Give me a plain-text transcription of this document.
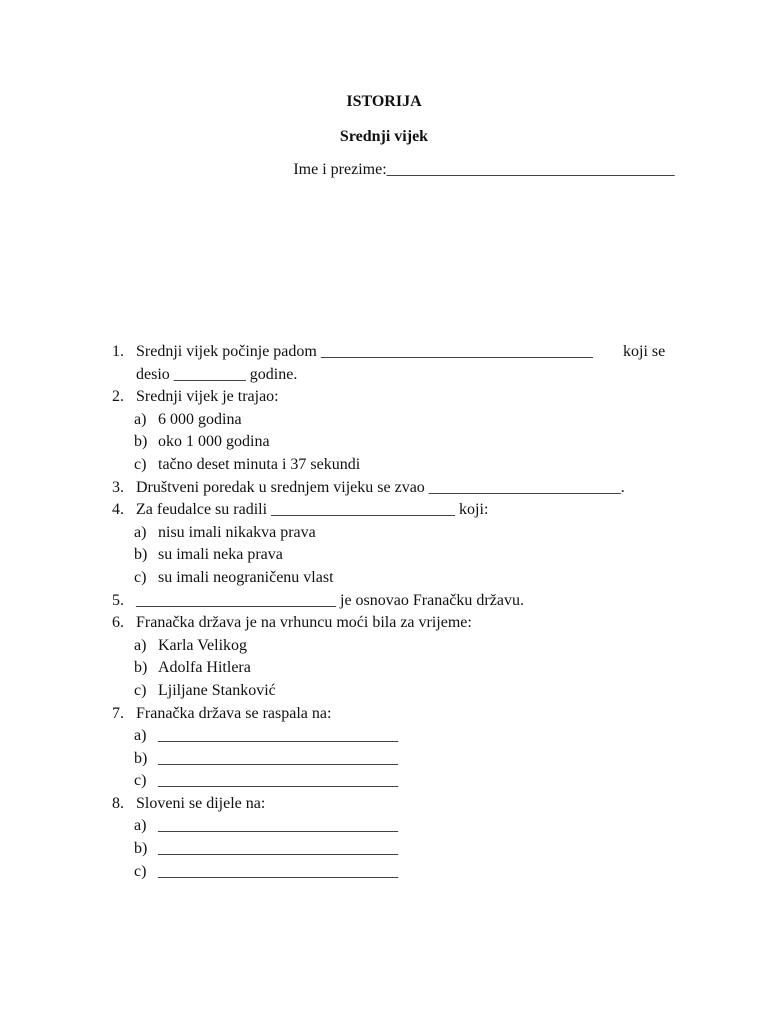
ISTORIJA
Srednji vijek
Ime i prezime:____________________________________
1. Srednji vijek počinje padom __________________________________ koji se
desio _________ godine.
2. Srednji vijek je trajao:
a) 6 000 godina
b) oko 1 000 godina
c) tačno deset minuta i 37 sekundi
3. Društveni poredak u srednjem vijeku se zvao ________________________.
4. Za feudalce su radili _______________________ koji:
a) nisu imali nikakva prava
b) su imali neka prava
c) su imali neograničenu vlast
5. _________________________ je osnovao Franačku državu.
6. Franačka država je na vrhuncu moći bila za vrijeme:
a) Karla Velikog
b) Adolfa Hitlera
c) Ljiljane Stanković
7. Franačka država se raspala na:
a) ______________________________
b) ______________________________
c) ______________________________
8. Sloveni se dijele na:
a) ______________________________
b) ______________________________
c) ______________________________
